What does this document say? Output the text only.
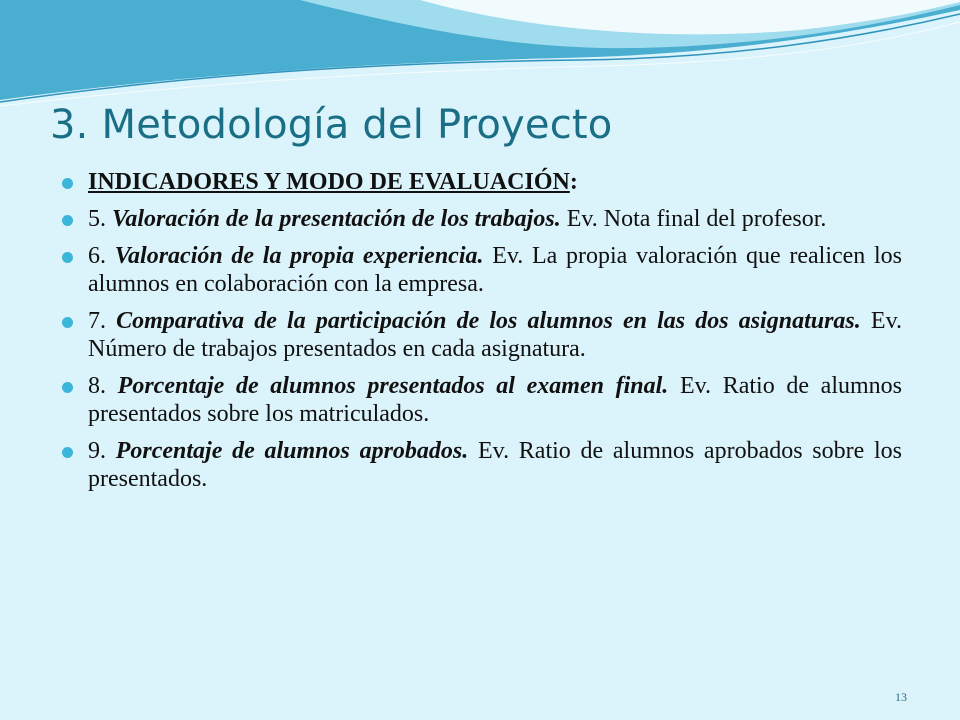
3. Metodología del Proyecto
INDICADORES Y MODO DE EVALUACIÓN:
5. Valoración de la presentación de los trabajos. Ev. Nota final del profesor.
6. Valoración de la propia experiencia. Ev. La propia valoración que realicen los alumnos en colaboración con la empresa.
7. Comparativa de la participación de los alumnos en las dos asignaturas. Ev. Número de trabajos presentados en cada asignatura.
8. Porcentaje de alumnos presentados al examen final. Ev. Ratio de alumnos presentados sobre los matriculados.
9. Porcentaje de alumnos aprobados. Ev. Ratio de alumnos aprobados sobre los presentados.
13
